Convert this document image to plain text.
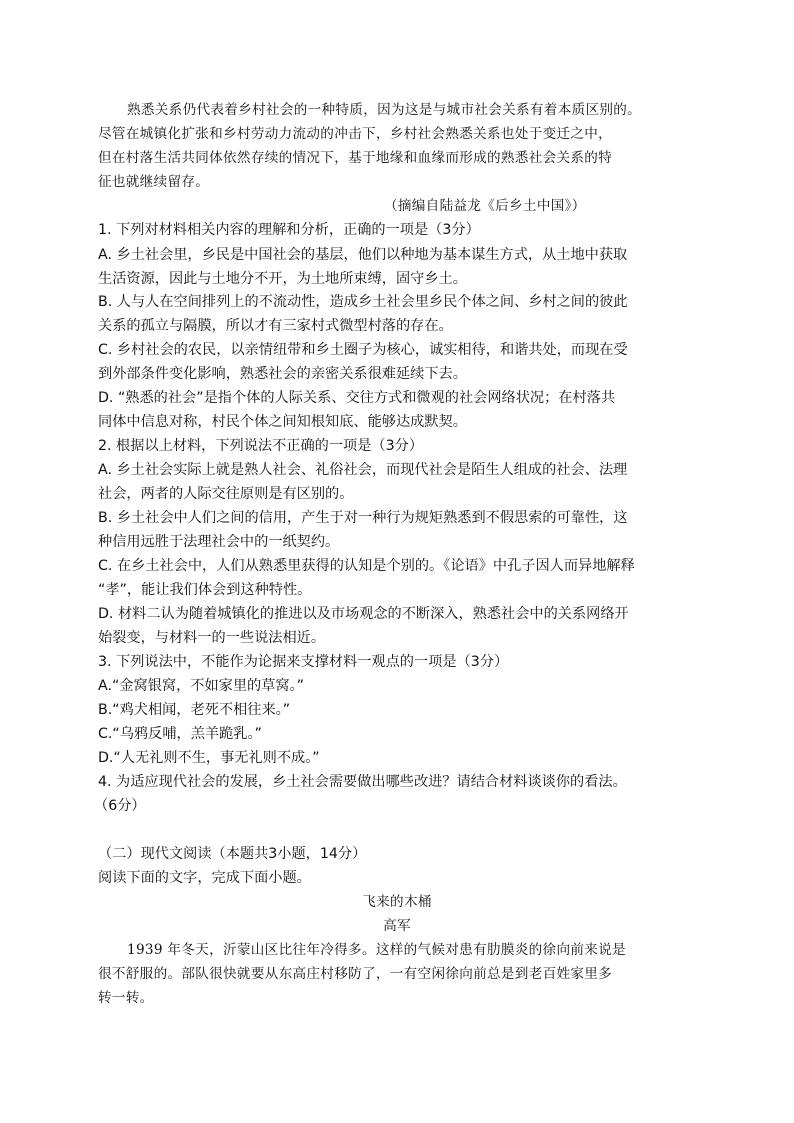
熟悉关系仍代表着乡村社会的一种特质，因为这是与城市社会关系有着本质区别的。
尽管在城镇化扩张和乡村劳动力流动的冲击下，乡村社会熟悉关系也处于变迁之中，
但在村落生活共同体依然存续的情况下，基于地缘和血缘而形成的熟悉社会关系的特
征也就继续留存。
（摘编自陆益龙《后乡土中国》）
1. 下列对材料相关内容的理解和分析，正确的一项是（3分）
A. 乡土社会里，乡民是中国社会的基层，他们以种地为基本谋生方式，从土地中获取
生活资源，因此与土地分不开，为土地所束缚，固守乡土。
B. 人与人在空间排列上的不流动性，造成乡土社会里乡民个体之间、乡村之间的彼此
关系的孤立与隔膜，所以才有三家村式微型村落的存在。
C. 乡村社会的农民，以亲情纽带和乡土圈子为核心，诚实相待，和谐共处，而现在受
到外部条件变化影响，熟悉社会的亲密关系很难延续下去。
D. “熟悉的社会”是指个体的人际关系、交往方式和微观的社会网络状况；在村落共
同体中信息对称，村民个体之间知根知底、能够达成默契。
2. 根据以上材料，下列说法不正确的一项是（3分）
A. 乡土社会实际上就是熟人社会、礼俗社会，而现代社会是陌生人组成的社会、法理
社会，两者的人际交往原则是有区别的。
B. 乡土社会中人们之间的信用，产生于对一种行为规矩熟悉到不假思索的可靠性，这
种信用远胜于法理社会中的一纸契约。
C. 在乡土社会中，人们从熟悉里获得的认知是个别的。《论语》中孔子因人而异地解释
“孝”，能让我们体会到这种特性。
D. 材料二认为随着城镇化的推进以及市场观念的不断深入，熟悉社会中的关系网络开
始裂变，与材料一的一些说法相近。
3. 下列说法中，不能作为论据来支撑材料一观点的一项是（3分）
A.“金窝银窝，不如家里的草窝。”
B.“鸡犬相闻，老死不相往来。”
C.“乌鸦反哺，羔羊跪乳。”
D.“人无礼则不生，事无礼则不成。”
4. 为适应现代社会的发展，乡土社会需要做出哪些改进？请结合材料谈谈你的看法。
（6分）
（二）现代文阅读（本题共3小题，14分）
阅读下面的文字，完成下面小题。
飞来的木桶
高军
1939 年冬天，沂蒙山区比往年冷得多。这样的气候对患有肋膜炎的徐向前来说是
很不舒服的。部队很快就要从东高庄村移防了，一有空闲徐向前总是到老百姓家里多
转一转。
